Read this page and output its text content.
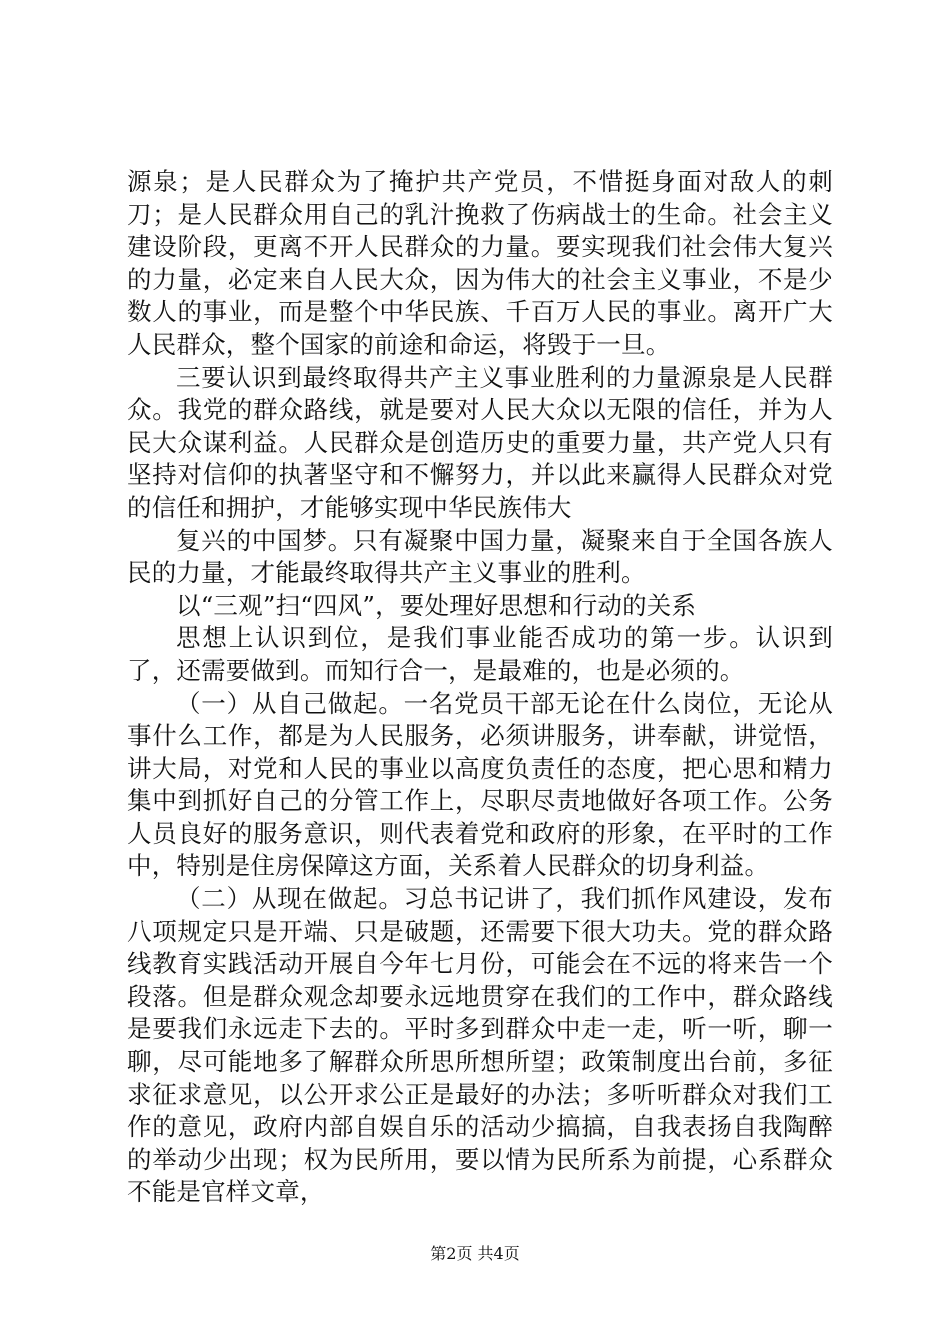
源泉；是人民群众为了掩护共产党员，不惜挺身面对敌人的刺刀；是人民群众用自己的乳汁挽救了伤病战士的生命。社会主义建设阶段，更离不开人民群众的力量。要实现我们社会伟大复兴的力量，必定来自人民大众，因为伟大的社会主义事业，不是少数人的事业，而是整个中华民族、千百万人民的事业。离开广大人民群众，整个国家的前途和命运，将毁于一旦。

三要认识到最终取得共产主义事业胜利的力量源泉是人民群众。我党的群众路线，就是要对人民大众以无限的信任，并为人民大众谋利益。人民群众是创造历史的重要力量，共产党人只有坚持对信仰的执著坚守和不懈努力，并以此来赢得人民群众对党的信任和拥护，才能够实现中华民族伟大

复兴的中国梦。只有凝聚中国力量，凝聚来自于全国各族人民的力量，才能最终取得共产主义事业的胜利。

以“三观”扫“四风”，要处理好思想和行动的关系

思想上认识到位，是我们事业能否成功的第一步。认识到了，还需要做到。而知行合一，是最难的，也是必须的。

（一）从自己做起。一名党员干部无论在什么岗位，无论从事什么工作，都是为人民服务，必须讲服务，讲奉献，讲觉悟，讲大局，对党和人民的事业以高度负责任的态度，把心思和精力集中到抓好自己的分管工作上，尽职尽责地做好各项工作。公务人员良好的服务意识，则代表着党和政府的形象，在平时的工作中，特别是住房保障这方面，关系着人民群众的切身利益。

（二）从现在做起。习总书记讲了，我们抓作风建设，发布八项规定只是开端、只是破题，还需要下很大功夫。党的群众路线教育实践活动开展自今年七月份，可能会在不远的将来告一个段落。但是群众观念却要永远地贯穿在我们的工作中，群众路线是要我们永远走下去的。平时多到群众中走一走，听一听，聊一聊，尽可能地多了解群众所思所想所望；政策制度出台前，多征求征求意见，以公开求公正是最好的办法；多听听群众对我们工作的意见，政府内部自娱自乐的活动少搞搞，自我表扬自我陶醉的举动少出现；权为民所用，要以情为民所系为前提，心系群众不能是官样文章，

第2页 共4页
